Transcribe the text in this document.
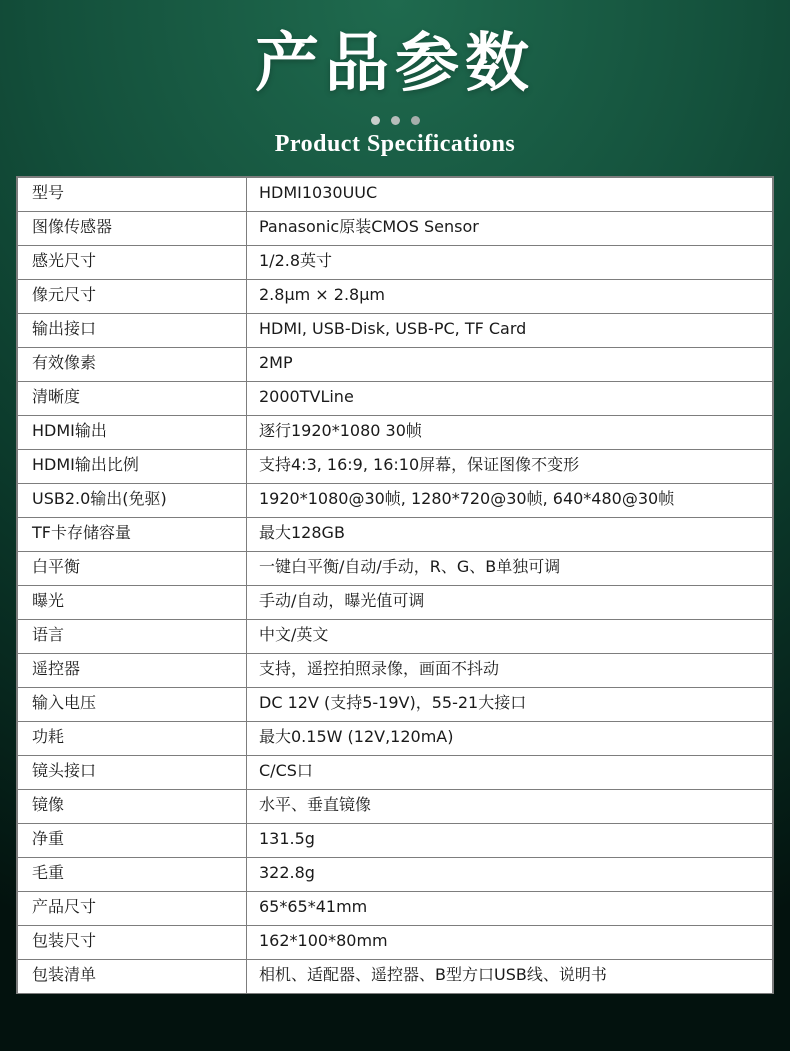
产品参数
Product Specifications
型号	HDMI1030UUC
图像传感器	Panasonic原装CMOS Sensor
感光尺寸	1/2.8英寸
像元尺寸	2.8μm × 2.8μm
输出接口	HDMI, USB-Disk, USB-PC, TF Card
有效像素	2MP
清晰度	2000TVLine
HDMI输出	逐行1920*1080 30帧
HDMI输出比例	支持4:3, 16:9, 16:10屏幕，保证图像不变形
USB2.0输出(免驱)	1920*1080@30帧, 1280*720@30帧, 640*480@30帧
TF卡存储容量	最大128GB
白平衡	一键白平衡/自动/手动，R、G、B单独可调
曝光	手动/自动，曝光值可调
语言	中文/英文
遥控器	支持，遥控拍照录像，画面不抖动
输入电压	DC 12V (支持5-19V)，55-21大接口
功耗	最大0.15W (12V,120mA)
镜头接口	C/CS口
镜像	水平、垂直镜像
净重	131.5g
毛重	322.8g
产品尺寸	65*65*41mm
包装尺寸	162*100*80mm
包装清单	相机、适配器、遥控器、B型方口USB线、说明书
